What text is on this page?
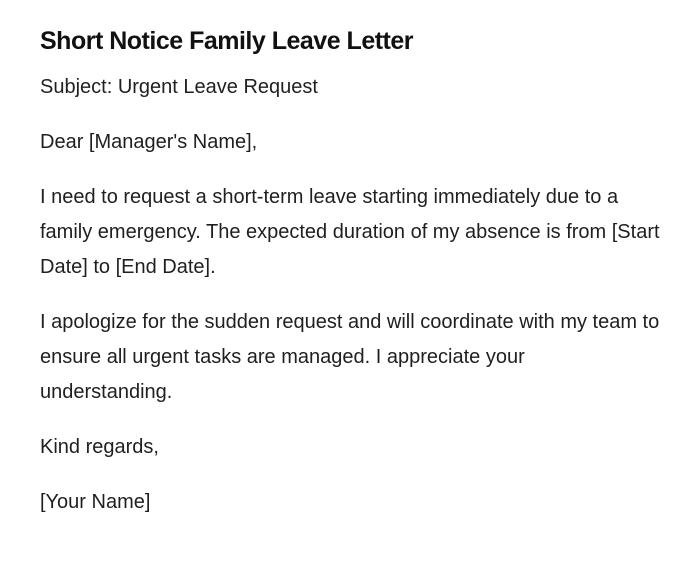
Short Notice Family Leave Letter

Subject: Urgent Leave Request

Dear [Manager's Name],

I need to request a short-term leave starting immediately due to a family emergency. The expected duration of my absence is from [Start Date] to [End Date].

I apologize for the sudden request and will coordinate with my team to ensure all urgent tasks are managed. I appreciate your understanding.

Kind regards,

[Your Name]
